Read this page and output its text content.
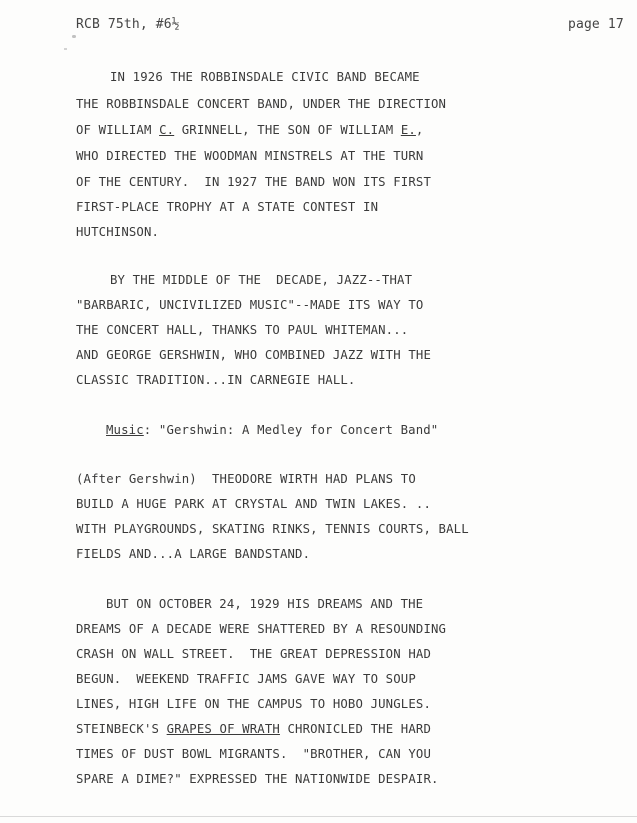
RCB 75th, #6½	page 17
IN 1926 THE ROBBINSDALE CIVIC BAND BECAME
THE ROBBINSDALE CONCERT BAND, UNDER THE DIRECTION
OF WILLIAM C. GRINNELL, THE SON OF WILLIAM E.,
WHO DIRECTED THE WOODMAN MINSTRELS AT THE TURN
OF THE CENTURY.  IN 1927 THE BAND WON ITS FIRST
FIRST-PLACE TROPHY AT A STATE CONTEST IN
HUTCHINSON.
BY THE MIDDLE OF THE  DECADE, JAZZ--THAT
"BARBARIC, UNCIVILIZED MUSIC"--MADE ITS WAY TO
THE CONCERT HALL, THANKS TO PAUL WHITEMAN...
AND GEORGE GERSHWIN, WHO COMBINED JAZZ WITH THE
CLASSIC TRADITION...IN CARNEGIE HALL.
Music: "Gershwin: A Medley for Concert Band"
(After Gershwin)  THEODORE WIRTH HAD PLANS TO
BUILD A HUGE PARK AT CRYSTAL AND TWIN LAKES. ..
WITH PLAYGROUNDS, SKATING RINKS, TENNIS COURTS, BALL
FIELDS AND...A LARGE BANDSTAND.
BUT ON OCTOBER 24, 1929 HIS DREAMS AND THE
DREAMS OF A DECADE WERE SHATTERED BY A RESOUNDING
CRASH ON WALL STREET.  THE GREAT DEPRESSION HAD
BEGUN.  WEEKEND TRAFFIC JAMS GAVE WAY TO SOUP
LINES, HIGH LIFE ON THE CAMPUS TO HOBO JUNGLES.
STEINBECK'S GRAPES OF WRATH CHRONICLED THE HARD
TIMES OF DUST BOWL MIGRANTS.  "BROTHER, CAN YOU
SPARE A DIME?" EXPRESSED THE NATIONWIDE DESPAIR.
